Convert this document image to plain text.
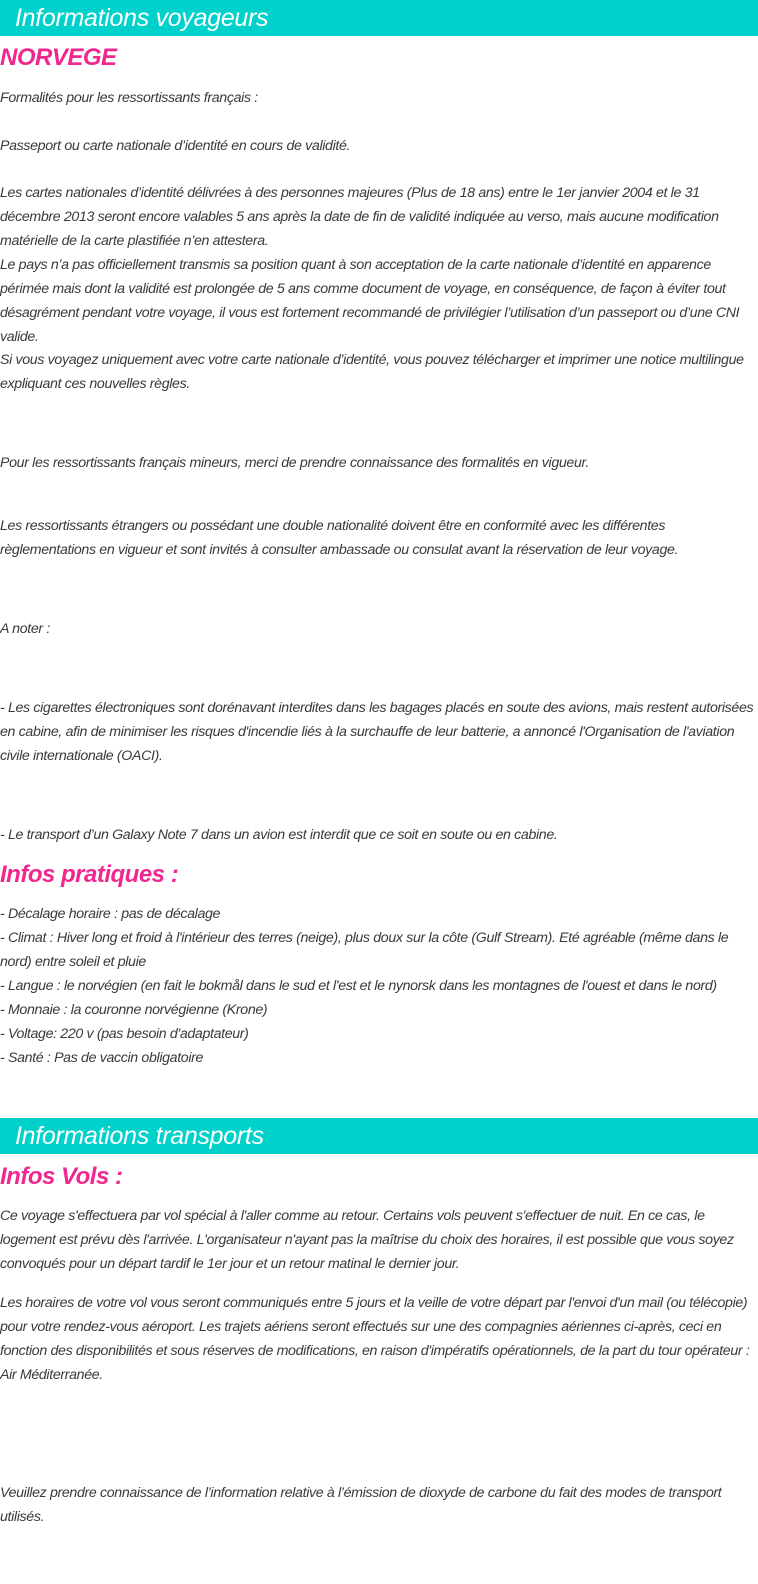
Informations voyageurs
NORVEGE

Formalités pour les ressortissants français :

Passeport ou carte nationale d’identité en cours de validité.

Les cartes nationales d’identité délivrées à des personnes majeures (Plus de 18 ans) entre le 1er janvier 2004 et le 31 décembre 2013 seront encore valables 5 ans après la date de fin de validité indiquée au verso, mais aucune modification matérielle de la carte plastifiée n’en attestera.

Le pays n’a pas officiellement transmis sa position quant à son acceptation de la carte nationale d’identité en apparence périmée mais dont la validité est prolongée de 5 ans comme document de voyage, en conséquence, de façon à éviter tout désagrément pendant votre voyage, il vous est fortement recommandé de privilégier l’utilisation d’un passeport ou d’une CNI valide.

Si vous voyagez uniquement avec votre carte nationale d’identité, vous pouvez télécharger et imprimer une notice multilingue expliquant ces nouvelles règles.

Pour les ressortissants français mineurs, merci de prendre connaissance des formalités en vigueur.

Les ressortissants étrangers ou possédant une double nationalité doivent être en conformité avec les différentes règlementations en vigueur et sont invités à consulter ambassade ou consulat avant la réservation de leur voyage.

A noter :

- Les cigarettes électroniques sont dorénavant interdites dans les bagages placés en soute des avions, mais restent autorisées en cabine, afin de minimiser les risques d'incendie liés à la surchauffe de leur batterie, a annoncé l'Organisation de l'aviation civile internationale (OACI).

- Le transport d’un Galaxy Note 7 dans un avion est interdit que ce soit en soute ou en cabine.

Infos pratiques :
- Décalage horaire : pas de décalage
- Climat : Hiver long et froid à l'intérieur des terres (neige), plus doux sur la côte (Gulf Stream). Eté agréable (même dans le nord) entre soleil et pluie
- Langue : le norvégien (en fait le bokmål dans le sud et l'est et le nynorsk dans les montagnes de l'ouest et dans le nord)
- Monnaie : la couronne norvégienne (Krone)
- Voltage: 220 v (pas besoin d'adaptateur)
- Santé : Pas de vaccin obligatoire
Informations transports
Infos Vols :

Ce voyage s'effectuera par vol spécial à l'aller comme au retour. Certains vols peuvent s'effectuer de nuit. En ce cas, le logement est prévu dès l'arrivée. L'organisateur n'ayant pas la maîtrise du choix des horaires, il est possible que vous soyez convoqués pour un départ tardif le 1er jour et un retour matinal le dernier jour.

Les horaires de votre vol vous seront communiqués entre 5 jours et la veille de votre départ par l'envoi d'un mail (ou télécopie) pour votre rendez-vous aéroport. Les trajets aériens seront effectués sur une des compagnies aériennes ci-après, ceci en fonction des disponibilités et sous réserves de modifications, en raison d'impératifs opérationnels, de la part du tour opérateur : Air Méditerranée.

Veuillez prendre connaissance de l’information relative à l’émission de dioxyde de carbone du fait des modes de transport utilisés.
